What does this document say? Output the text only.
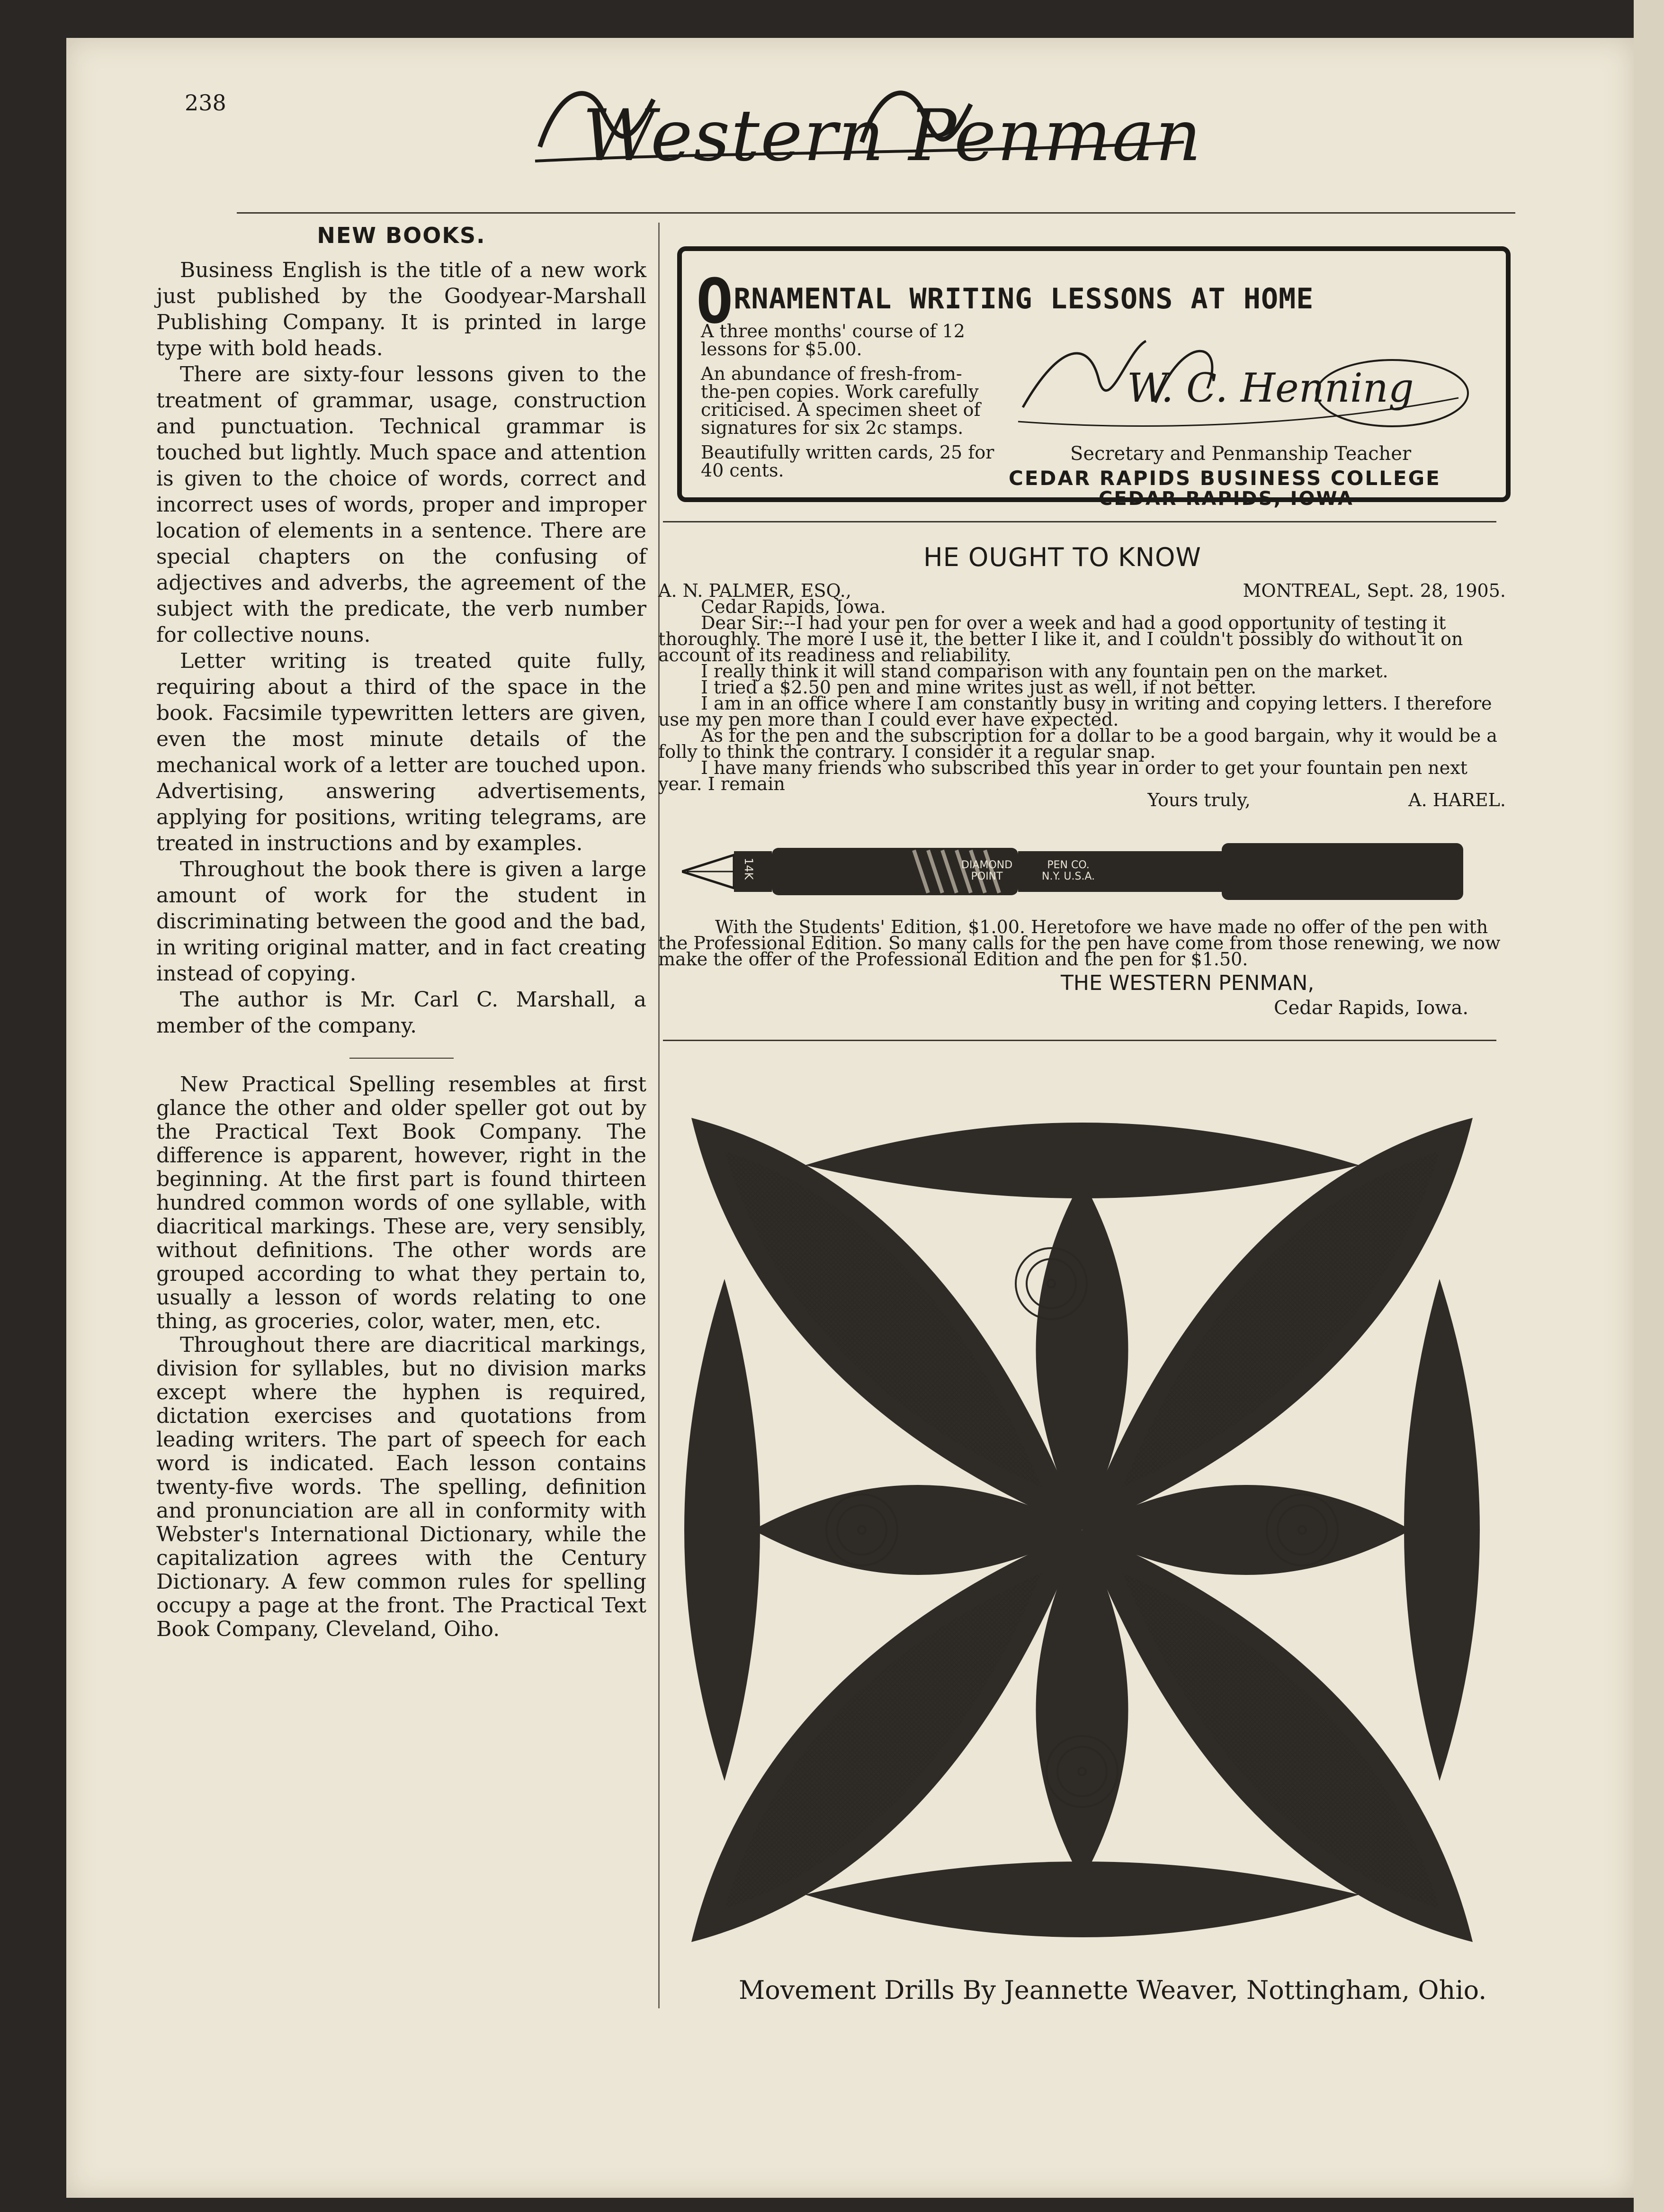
238	Western Penman
NEW BOOKS.

Business English is the title of a new work just published by the Goodyear-Marshall Publishing Company. It is printed in large type with bold heads.

There are sixty-four lessons given to the treatment of grammar, usage, construction and punctuation. Technical grammar is touched but lightly. Much space and attention is given to the choice of words, correct and incorrect uses of words, proper and improper location of elements in a sentence. There are special chapters on the confusing of adjectives and adverbs, the agreement of the subject with the predicate, the verb number for collective nouns.

Letter writing is treated quite fully, requiring about a third of the space in the book. Facsimile typewritten letters are given, even the most minute details of the mechanical work of a letter are touched upon. Advertising, answering advertisements, applying for positions, writing telegrams, are treated in instructions and by examples.

Throughout the book there is given a large amount of work for the student in discriminating between the good and the bad, in writing original matter, and in fact creating instead of copying.

The author is Mr. Carl C. Marshall, a member of the company.

New Practical Spelling resembles at first glance the other and older speller got out by the Practical Text Book Company. The difference is apparent, however, right in the beginning. At the first part is found thirteen hundred common words of one syllable, with diacritical markings. These are, very sensibly, without definitions. The other words are grouped according to what they pertain to, usually a lesson of words relating to one thing, as groceries, color, water, men, etc.

Throughout there are diacritical markings, division for syllables, but no division marks except where the hyphen is required, dictation exercises and quotations from leading writers. The part of speech for each word is indicated. Each lesson contains twenty-five words. The spelling, definition and pronunciation are all in conformity with Webster's International Dictionary, while the capitalization agrees with the Century Dictionary. A few common rules for spelling occupy a page at the front. The Practical Text Book Company, Cleveland, Oiho.

ORNAMENTAL WRITING LESSONS AT HOME

A three months' course of 12 lessons for $5.00.

An abundance of fresh-from-the-pen copies. Work carefully criticised. A specimen sheet of signatures for six 2c stamps.

Beautifully written cards, 25 for 40 cents.

W. C. Henning
Secretary and Penmanship Teacher
CEDAR RAPIDS BUSINESS COLLEGE
CEDAR RAPIDS, IOWA
HE OUGHT TO KNOW
A. N. PALMER, ESQ.,	MONTREAL, Sept. 28, 1905.

Cedar Rapids, Iowa.

Dear Sir:--I had your pen for over a week and had a good opportunity of testing it thoroughly. The more I use it, the better I like it, and I couldn't possibly do without it on account of its readiness and reliability.

I really think it will stand comparison with any fountain pen on the market.

I tried a $2.50 pen and mine writes just as well, if not better.

I am in an office where I am constantly busy in writing and copying letters. I therefore use my pen more than I could ever have expected.

As for the pen and the subscription for a dollar to be a good bargain, why it would be a folly to think the contrary. I consider it a regular snap.

I have many friends who subscribed this year in order to get your fountain pen next year. I remain

Yours truly,	A. HAREL.
14K	DIAMOND
POINT
PEN CO.
N.Y. U.S.A.

With the Students' Edition, $1.00. Heretofore we have made no offer of the pen with the Professional Edition. So many calls for the pen have come from those renewing, we now make the offer of the Professional Edition and the pen for $1.50.

THE WESTERN PENMAN,
Cedar Rapids, Iowa.
Movement Drills By Jeannette Weaver, Nottingham, Ohio.
